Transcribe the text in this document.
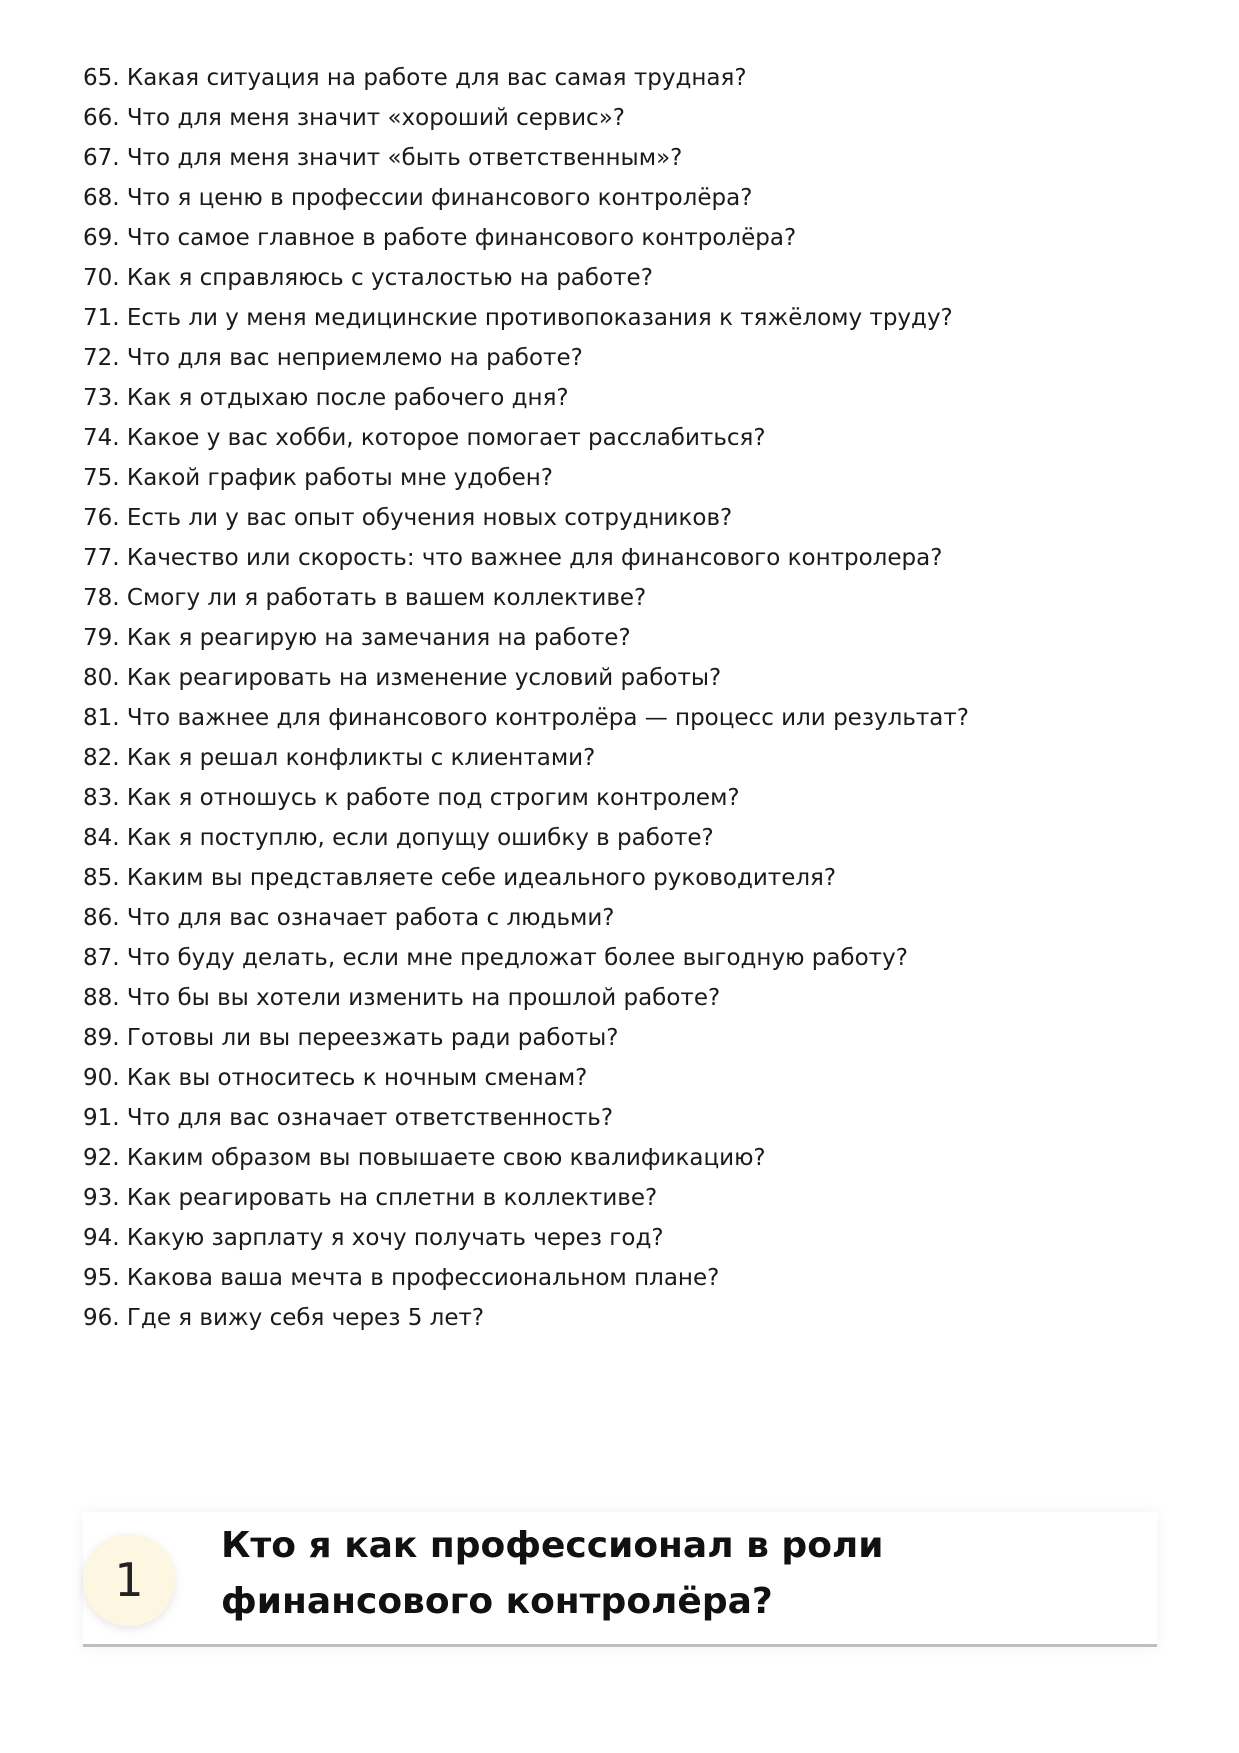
65. Какая ситуация на работе для вас самая трудная?
66. Что для меня значит «хороший сервис»?
67. Что для меня значит «быть ответственным»?
68. Что я ценю в профессии финансового контролёра?
69. Что самое главное в работе финансового контролёра?
70. Как я справляюсь с усталостью на работе?
71. Есть ли у меня медицинские противопоказания к тяжёлому труду?
72. Что для вас неприемлемо на работе?
73. Как я отдыхаю после рабочего дня?
74. Какое у вас хобби, которое помогает расслабиться?
75. Какой график работы мне удобен?
76. Есть ли у вас опыт обучения новых сотрудников?
77. Качество или скорость: что важнее для финансового контролера?
78. Смогу ли я работать в вашем коллективе?
79. Как я реагирую на замечания на работе?
80. Как реагировать на изменение условий работы?
81. Что важнее для финансового контролёра — процесс или результат?
82. Как я решал конфликты с клиентами?
83. Как я отношусь к работе под строгим контролем?
84. Как я поступлю, если допущу ошибку в работе?
85. Каким вы представляете себе идеального руководителя?
86. Что для вас означает работа с людьми?
87. Что буду делать, если мне предложат более выгодную работу?
88. Что бы вы хотели изменить на прошлой работе?
89. Готовы ли вы переезжать ради работы?
90. Как вы относитесь к ночным сменам?
91. Что для вас означает ответственность?
92. Каким образом вы повышаете свою квалификацию?
93. Как реагировать на сплетни в коллективе?
94. Какую зарплату я хочу получать через год?
95. Какова ваша мечта в профессиональном плане?
96. Где я вижу себя через 5 лет?
1
Кто я как профессионал в роли финансового контролёра?
